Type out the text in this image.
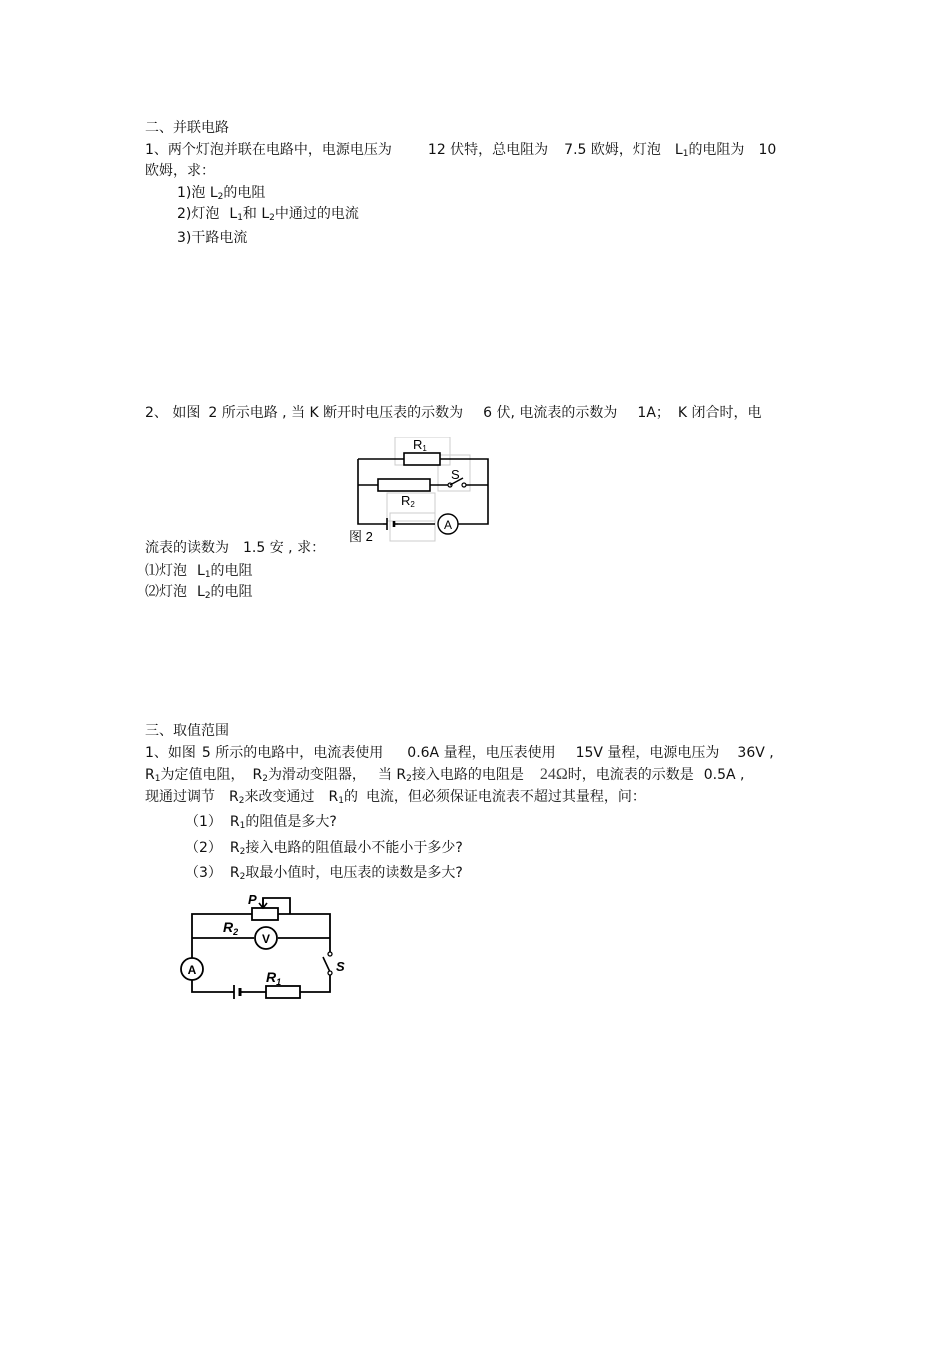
二、并联电路
1、两个灯泡并联在电路中，电源电压为	12 伏特，总电阻为 7.5 欧姆，灯泡 $L_1$的电阻为 10
欧姆，求：
1)泡 $L_2$的电阻
2)灯泡 $L_1$和 $L_2$中通过的电流
3)干路电流
2、 如图 2 所示电路 , 当 K 断开时电压表的示数为 6 伏, 电流表的示数为 1A； K 闭合时，电
A
R1
R2
S
图 2
流表的读数为 1.5 安 , 求：
⑴灯泡 $L_1$的电阻
⑵灯泡 $L_2$的电阻
三、取值范围
1、如图 5 所示的电路中，电流表使用 0.6A 量程，电压表使用 15V 量程，电源电压为 36V ,
$R_1$为定值电阻， $R_2$为滑动变阻器， 当 $R_2$接入电路的电阻是 24Ω时，电流表的示数是 0.5A ,
现通过调节 $R_2$来改变通过 $R_1$的 电流，但必须保证电流表不超过其量程，问：
（1） $R_1$的阻值是多大?
（2） $R_2$接入电路的阻值最小不能小于多少?
（3） $R_2$取最小值时，电压表的读数是多大?
V
A
P
$R_2$
S
$R_1$
